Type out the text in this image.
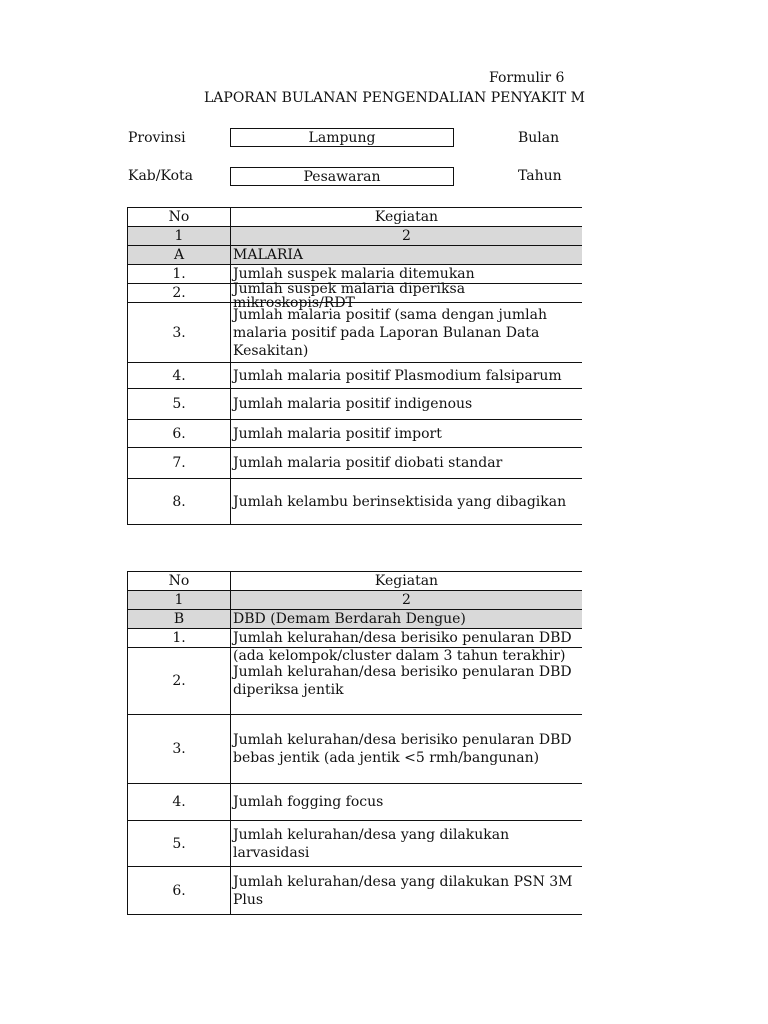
Formulir 6
LAPORAN BULANAN PENGENDALIAN PENYAKIT M
Provinsi	Lampung	Bulan
Kab/Kota	Pesawaran	Tahun
No	Kegiatan
1	2
A	MALARIA
1.	Jumlah suspek malaria ditemukan
2.	Jumlah suspek malaria diperiksa mikroskopis/RDT

3.	Jumlah malaria positif (sama dengan jumlah malaria positif pada Laporan Bulanan Data Kesakitan)
4.	Jumlah malaria positif Plasmodium falsiparum
5.	Jumlah malaria positif indigenous
6.	Jumlah malaria positif import
7.	Jumlah malaria positif diobati standar
8.	Jumlah kelambu berinsektisida yang dibagikan
No	Kegiatan
1	2
B	DBD (Demam Berdarah Dengue)
1.	Jumlah kelurahan/desa berisiko penularan DBD (ada kelompok/cluster dalam 3 tahun terakhir)

2.	Jumlah kelurahan/desa berisiko penularan DBD diperiksa jentik
3.	Jumlah kelurahan/desa berisiko penularan DBD bebas jentik (ada jentik <5 rmh/bangunan)
4.	Jumlah fogging focus
5.	Jumlah kelurahan/desa yang dilakukan larvasidasi
6.	Jumlah kelurahan/desa yang dilakukan PSN 3M Plus
